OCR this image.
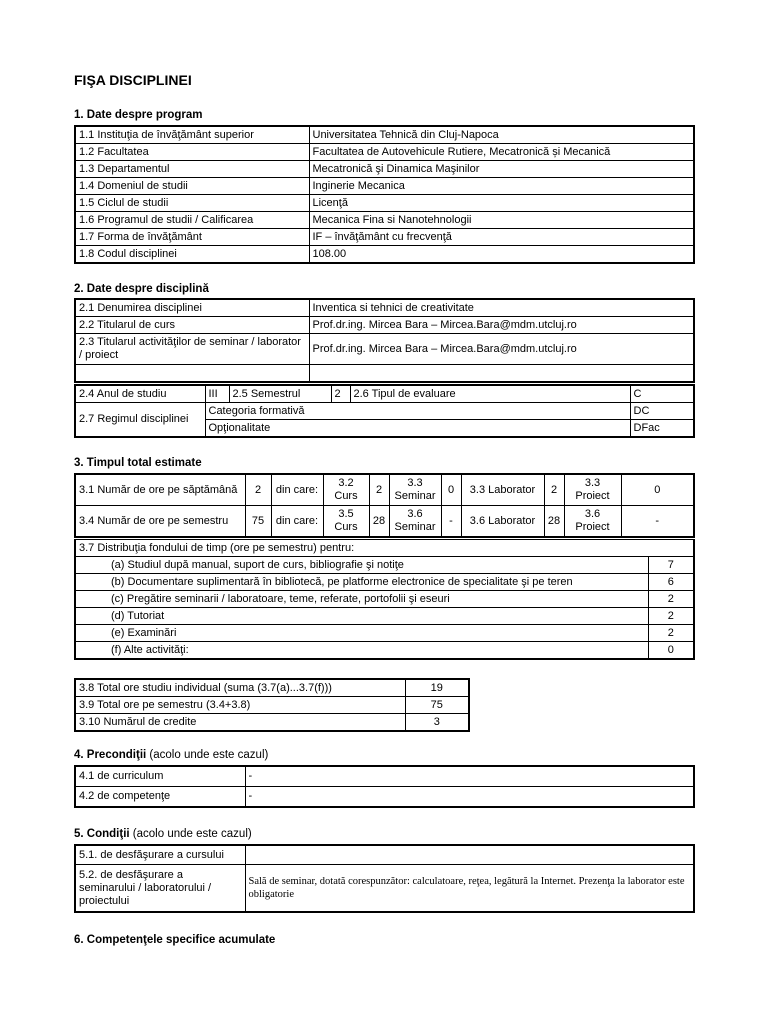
FIŞA DISCIPLINEI
1. Date despre program
1.1 Instituţia de învăţământ superior	Universitatea Tehnică din Cluj-Napoca
1.2 Facultatea	Facultatea de Autovehicule Rutiere, Mecatronică și Mecanică
1.3 Departamentul	Mecatronică şi Dinamica Maşinilor
1.4 Domeniul de studii	Inginerie Mecanica
1.5 Ciclul de studii	Licenţă
1.6 Programul de studii / Calificarea	Mecanica Fina si Nanotehnologii
1.7 Forma de învăţământ	IF – învăţământ cu frecvenţă
1.8 Codul disciplinei	108.00
2. Date despre disciplină
2.1 Denumirea disciplinei	Inventica si tehnici de creativitate
2.2 Titularul de curs	Prof.dr.ing. Mircea Bara – Mircea.Bara@mdm.utcluj.ro
2.3 Titularul activităţilor de seminar / laborator / proiect	Prof.dr.ing. Mircea Bara – Mircea.Bara@mdm.utcluj.ro

2.4 Anul de studiu	III	2.5 Semestrul	2	2.6 Tipul de evaluare	C
2.7 Regimul disciplinei	Categoria formativă				DC
	Opţionalitate				DFac
3. Timpul total estimate
3.1 Număr de ore pe săptămână	2	din care:	3.2 Curs	2	3.3 Seminar	0	3.3 Laborator	2	3.3 Proiect	0
3.4 Număr de ore pe semestru	75	din care:	3.5 Curs	28	3.6 Seminar	-	3.6 Laborator	28	3.6 Proiect	-
3.7 Distribuţia fondului de timp (ore pe semestru) pentru:	
(a) Studiul după manual, suport de curs, bibliografie şi notiţe	7
(b) Documentare suplimentară în bibliotecă, pe platforme electronice de specialitate şi pe teren	6
(c) Pregătire seminarii / laboratoare, teme, referate, portofolii şi eseuri	2
(d) Tutoriat	2
(e) Examinări	2
(f) Alte activităţi:	0
3.8 Total ore studiu individual (suma (3.7(a)...3.7(f)))	19
3.9 Total ore pe semestru (3.4+3.8)	75
3.10 Numărul de credite	3
4. Precondiţii (acolo unde este cazul)
4.1 de curriculum	-
4.2 de competenţe	-
5. Condiţii (acolo unde este cazul)
5.1. de desfăşurare a cursului	
5.2. de desfăşurare a seminarului / laboratorului / proiectului	Sală de seminar, dotată corespunzător: calculatoare, reţea, legătură la Internet. Prezenţa la laborator este obligatorie
6. Competenţele specifice acumulate
